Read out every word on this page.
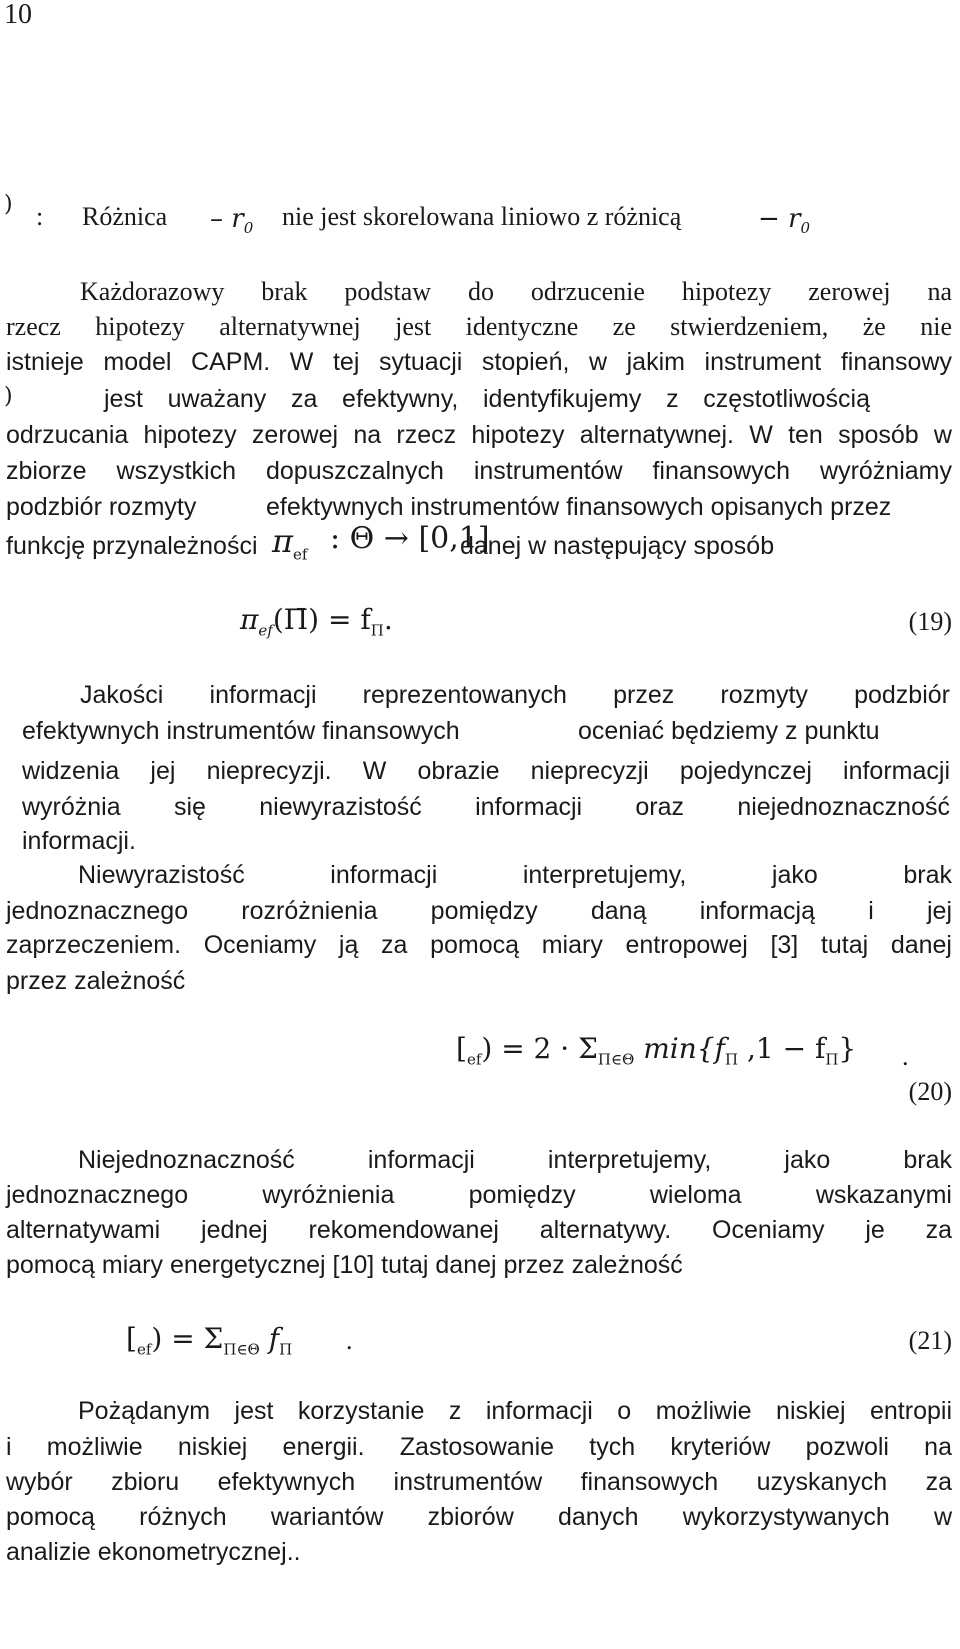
10
) : Różnica – $r_0$ nie jest skorelowana liniowo z różnicą	− $r_0$
Każdorazowy brak podstaw do odrzucenie hipotezy zerowej na
rzecz hipotezy alternatywnej jest identyczne ze stwierdzeniem, że nie
istnieje model CAPM. W tej sytuacji stopień, w jakim instrument finansowy
)	jest uważany za efektywny, identyfikujemy z częstotliwością
odrzucania hipotezy zerowej na rzecz hipotezy alternatywnej. W ten sposób w
zbiorze wszystkich dopuszczalnych instrumentów finansowych wyróżniamy
podzbiór rozmyty	efektywnych instrumentów finansowych opisanych przez
funkcję przynależności $\pi_{ef}$ : Θ → [0,1]
danej w następujący sposób
$\pi_{ef}(\Pī) = f_\Pi$.	(19)
Jakości informacji reprezentowanych przez rozmyty podzbiór
efektywnych instrumentów finansowych	oceniać będziemy z punktu
widzenia jej nieprecyzji. W obrazie nieprecyzji pojedynczej informacji
wyróżnia się niewyrazistość informacji oraz niejednoznaczność
informacji.
Niewyrazistość informacji interpretujemy, jako brak
jednoznacznego rozróżnienia pomiędzy daną informacją i jej
zaprzeczeniem. Oceniamy ją za pomocą miary entropowej [3] tutaj danej
przez zależność
$[_{ef}) = 2 \cdot \Sigma_{\Pi\in\Theta}$ $\min\{f_\Pi$ $,1 - f_\Pi$} .
(20)
Niejednoznaczność informacji interpretujemy, jako brak
jednoznacznego wyróżnienia pomiędzy wieloma wskazanymi
alternatywami jednej rekomendowanej alternatywy. Oceniamy je za
pomocą miary energetycznej [10] tutaj danej przez zależność
$[_{ef}) = \Sigma_{\Pi\in\Theta}$ $f_\Pi$ .	(21)
Pożądanym jest korzystanie z informacji o możliwie niskiej entropii
i możliwie niskiej energii. Zastosowanie tych kryteriów pozwoli na
wybór zbioru efektywnych instrumentów finansowych uzyskanych za
pomocą różnych wariantów zbiorów danych wykorzystywanych w
analizie ekonometrycznej..
